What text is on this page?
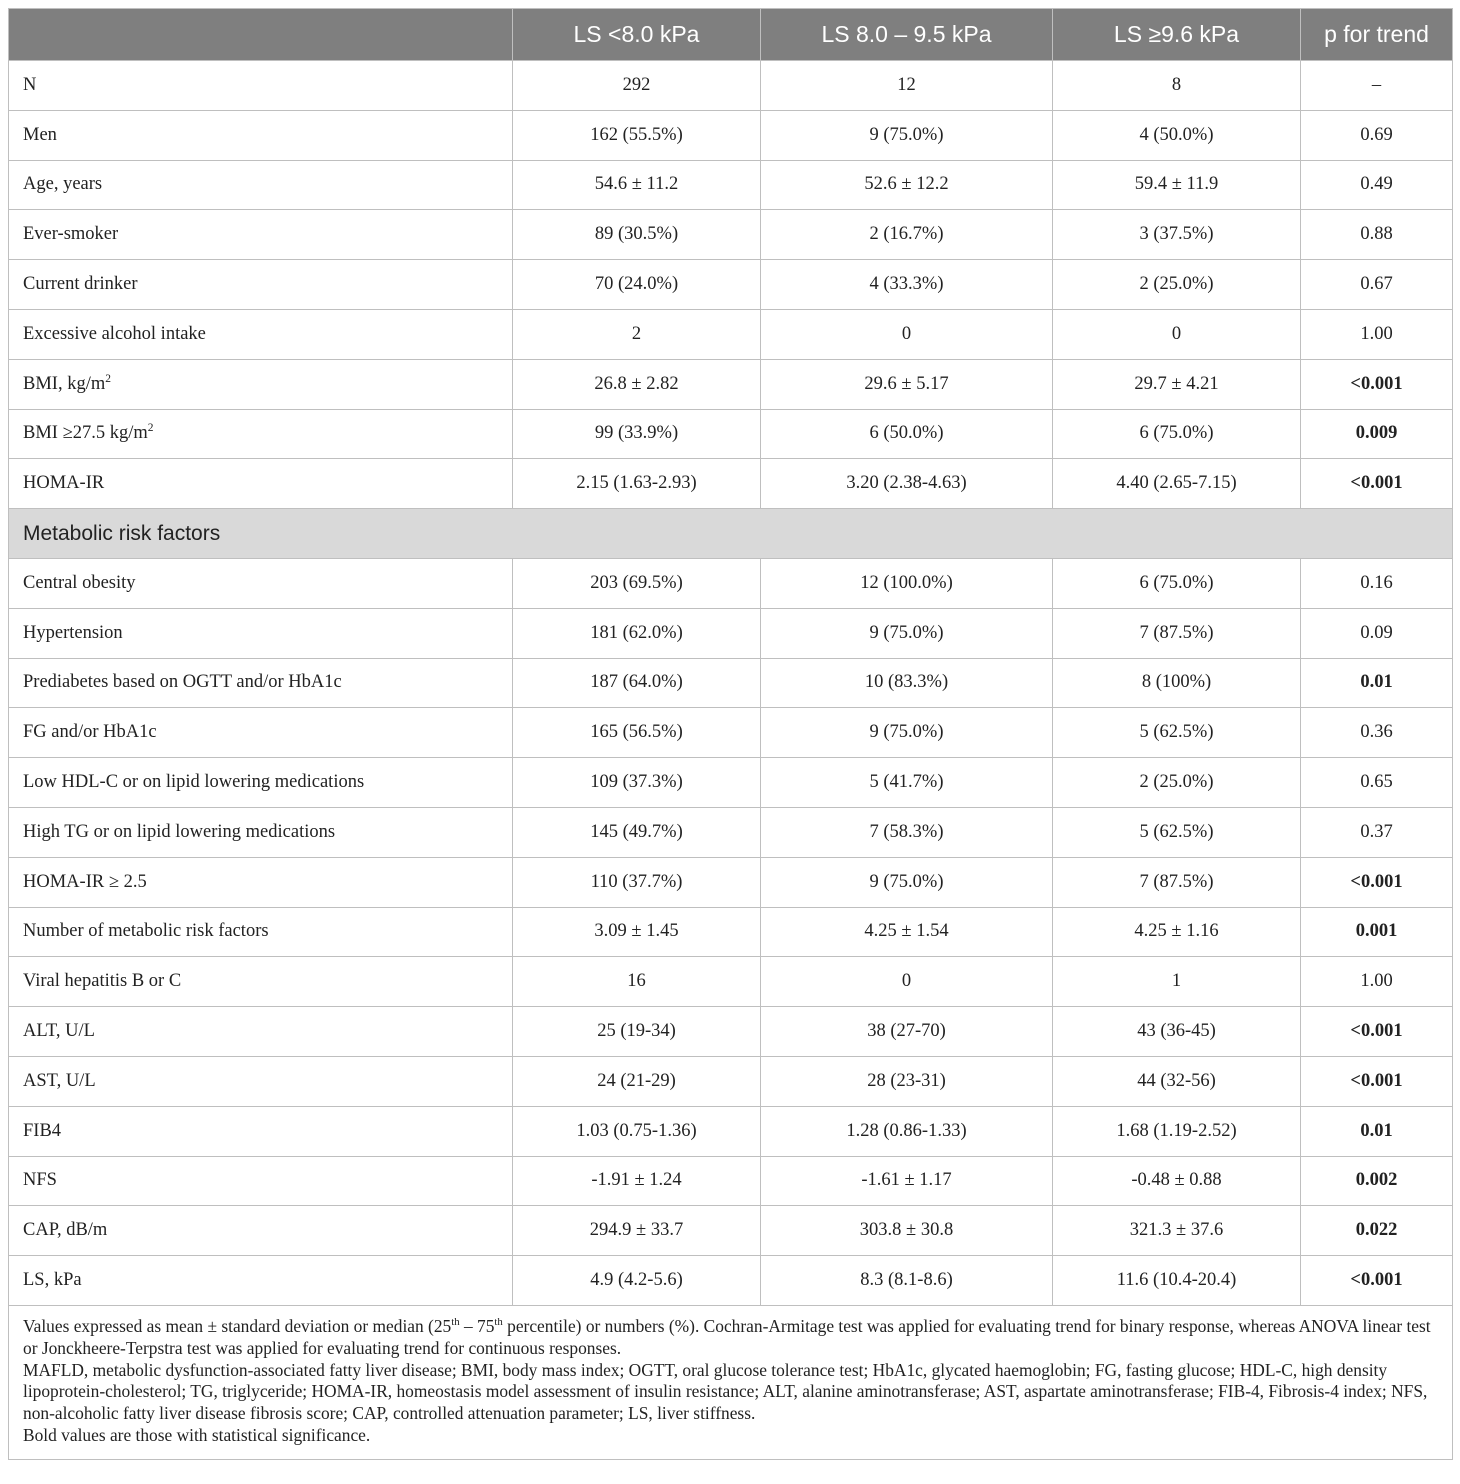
	LS <8.0 kPa	LS 8.0 – 9.5 kPa	LS ≥9.6 kPa	p for trend
N	292	12	8	–
Men	162 (55.5%)	9 (75.0%)	4 (50.0%)	0.69
Age, years	54.6 ± 11.2	52.6 ± 12.2	59.4 ± 11.9	0.49
Ever-smoker	89 (30.5%)	2 (16.7%)	3 (37.5%)	0.88
Current drinker	70 (24.0%)	4 (33.3%)	2 (25.0%)	0.67
Excessive alcohol intake	2	0	0	1.00
BMI, $kg/m^2$	26.8 ± 2.82	29.6 ± 5.17	29.7 ± 4.21	<0.001
BMI ≥27.5 $kg/m^2$	99 (33.9%)	6 (50.0%)	6 (75.0%)	0.009
HOMA-IR	2.15 (1.63-2.93)	3.20 (2.38-4.63)	4.40 (2.65-7.15)	<0.001
Metabolic risk factors				
Central obesity	203 (69.5%)	12 (100.0%)	6 (75.0%)	0.16
Hypertension	181 (62.0%)	9 (75.0%)	7 (87.5%)	0.09
Prediabetes based on OGTT and/or HbA1c	187 (64.0%)	10 (83.3%)	8 (100%)	0.01
FG and/or HbA1c	165 (56.5%)	9 (75.0%)	5 (62.5%)	0.36
Low HDL-C or on lipid lowering medications	109 (37.3%)	5 (41.7%)	2 (25.0%)	0.65
High TG or on lipid lowering medications	145 (49.7%)	7 (58.3%)	5 (62.5%)	0.37
HOMA-IR ≥ 2.5	110 (37.7%)	9 (75.0%)	7 (87.5%)	<0.001
Number of metabolic risk factors	3.09 ± 1.45	4.25 ± 1.54	4.25 ± 1.16	0.001
Viral hepatitis B or C	16	0	1	1.00
ALT, U/L	25 (19-34)	38 (27-70)	43 (36-45)	<0.001
AST, U/L	24 (21-29)	28 (23-31)	44 (32-56)	<0.001
FIB4	1.03 (0.75-1.36)	1.28 (0.86-1.33)	1.68 (1.19-2.52)	0.01
NFS	-1.91 ± 1.24	-1.61 ± 1.17	-0.48 ± 0.88	0.002
CAP, dB/m	294.9 ± 33.7	303.8 ± 30.8	321.3 ± 37.6	0.022
LS, kPa	4.9 (4.2-5.6)	8.3 (8.1-8.6)	11.6 (10.4-20.4)	<0.001

Values expressed as mean ± standard deviation or median (25th – 75th percentile) or numbers (%). Cochran-Armitage test was applied for evaluating trend for binary response, whereas ANOVA linear test or Jonckheere-Terpstra test was applied for evaluating trend for continuous responses.

MAFLD, metabolic dysfunction-associated fatty liver disease; BMI, body mass index; OGTT, oral glucose tolerance test; HbA1c, glycated haemoglobin; FG, fasting glucose; HDL-C, high density lipoprotein-cholesterol; TG, triglyceride; HOMA-IR, homeostasis model assessment of insulin resistance; ALT, alanine aminotransferase; AST, aspartate aminotransferase; FIB-4, Fibrosis-4 index; NFS, non-alcoholic fatty liver disease fibrosis score; CAP, controlled attenuation parameter; LS, liver stiffness.

Bold values are those with statistical significance.				
